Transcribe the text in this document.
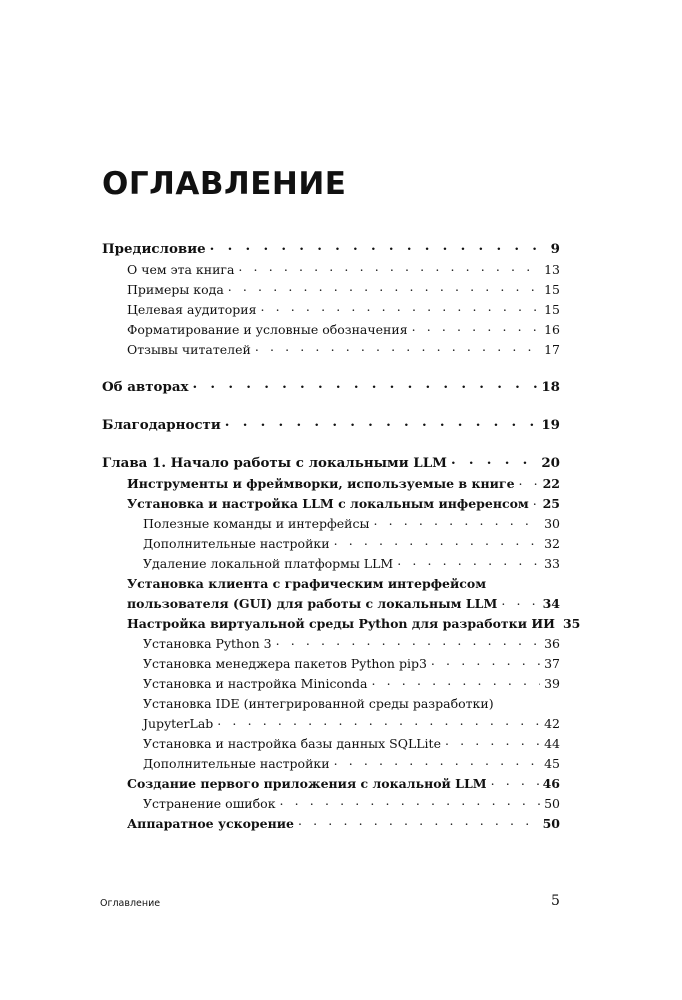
ОГЛАВЛЕНИЕ
Предисловие . . .	9
О чем эта книга . . .	13
Примеры кода . . .	15
Целевая аудитория . . .	15
Форматирование и условные обозначения . . .	16
Отзывы читателей . . .	17
Об авторах . . .	18
Благодарности . . .	19
Глава 1. Начало работы с локальными LLM . . .	20
Инструменты и фреймворки, используемые в книге . . . 22
Установка и настройка LLM с локальным инференсом . . . 25
Полезные команды и интерфейсы . . .	30
Дополнительные настройки . . .	32
Удаление локальной платформы LLM . . .	33
Установка клиента с графическим интерфейсом
пользователя (GUI) для работы с локальным LLM . . .	34
Настройка виртуальной среды Python для разработки ИИ 35
Установка Python 3 . . .	36
Установка менеджера пакетов Python pip3 . . .	37
Установка и настройка Miniconda . . .	39
Установка IDE (интегрированной среды разработки)
JupyterLab . . .	42
Установка и настройка базы данных SQLLite . . .	44
Дополнительные настройки . . .	45
Создание первого приложения с локальной LLM . . .	46
Устранение ошибок . . .	50
Аппаратное ускорение . . .	50
Оглавление	5
